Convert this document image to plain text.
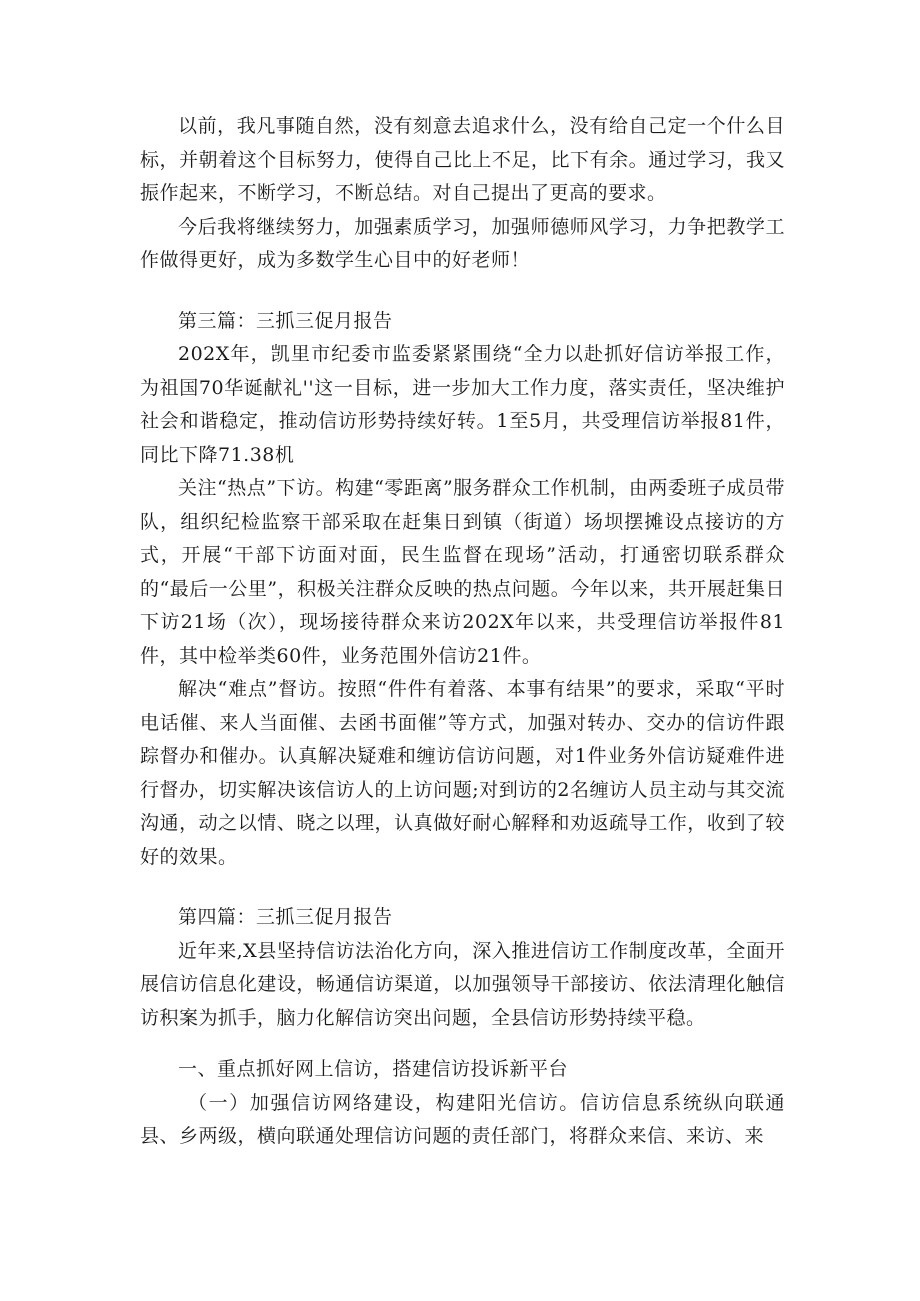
以前，我凡事随自然，没有刻意去追求什么，没有给自己定一个什么目标，并朝着这个目标努力，使得自己比上不足，比下有余。通过学习，我又振作起来，不断学习，不断总结。对自己提出了更高的要求。

今后我将继续努力，加强素质学习，加强师德师风学习，力争把教学工作做得更好，成为多数学生心目中的好老师！

第三篇：三抓三促月报告

202X年，凯里市纪委市监委紧紧围绕“全力以赴抓好信访举报工作，为祖国70华诞献礼''这一目标，进一步加大工作力度，落实责任，坚决维护社会和谐稳定，推动信访形势持续好转。1至5月，共受理信访举报81件，同比下降71.38机

关注“热点”下访。构建“零距离”服务群众工作机制，由两委班子成员带队，组织纪检监察干部采取在赶集日到镇（街道）场坝摆摊设点接访的方式，开展“干部下访面对面，民生监督在现场”活动，打通密切联系群众的“最后一公里”，积极关注群众反映的热点问题。今年以来，共开展赶集日下访21场（次），现场接待群众来访202X年以来，共受理信访举报件81件，其中检举类60件，业务范围外信访21件。

解决“难点”督访。按照“件件有着落、本事有结果”的要求，采取“平时电话催、来人当面催、去函书面催”等方式，加强对转办、交办的信访件跟踪督办和催办。认真解决疑难和缠访信访问题，对1件业务外信访疑难件进行督办，切实解决该信访人的上访问题;对到访的2名缠访人员主动与其交流沟通，动之以情、晓之以理，认真做好耐心解释和劝返疏导工作，收到了较好的效果。

第四篇：三抓三促月报告

近年来,X县坚持信访法治化方向，深入推进信访工作制度改革，全面开展信访信息化建设，畅通信访渠道，以加强领导干部接访、依法清理化触信访积案为抓手，脑力化解信访突出问题，全县信访形势持续平稳。

一、重点抓好网上信访，搭建信访投诉新平台

（一）加强信访网络建设，构建阳光信访。信访信息系统纵向联通县、乡两级，横向联通处理信访问题的责任部门，将群众来信、来访、来
